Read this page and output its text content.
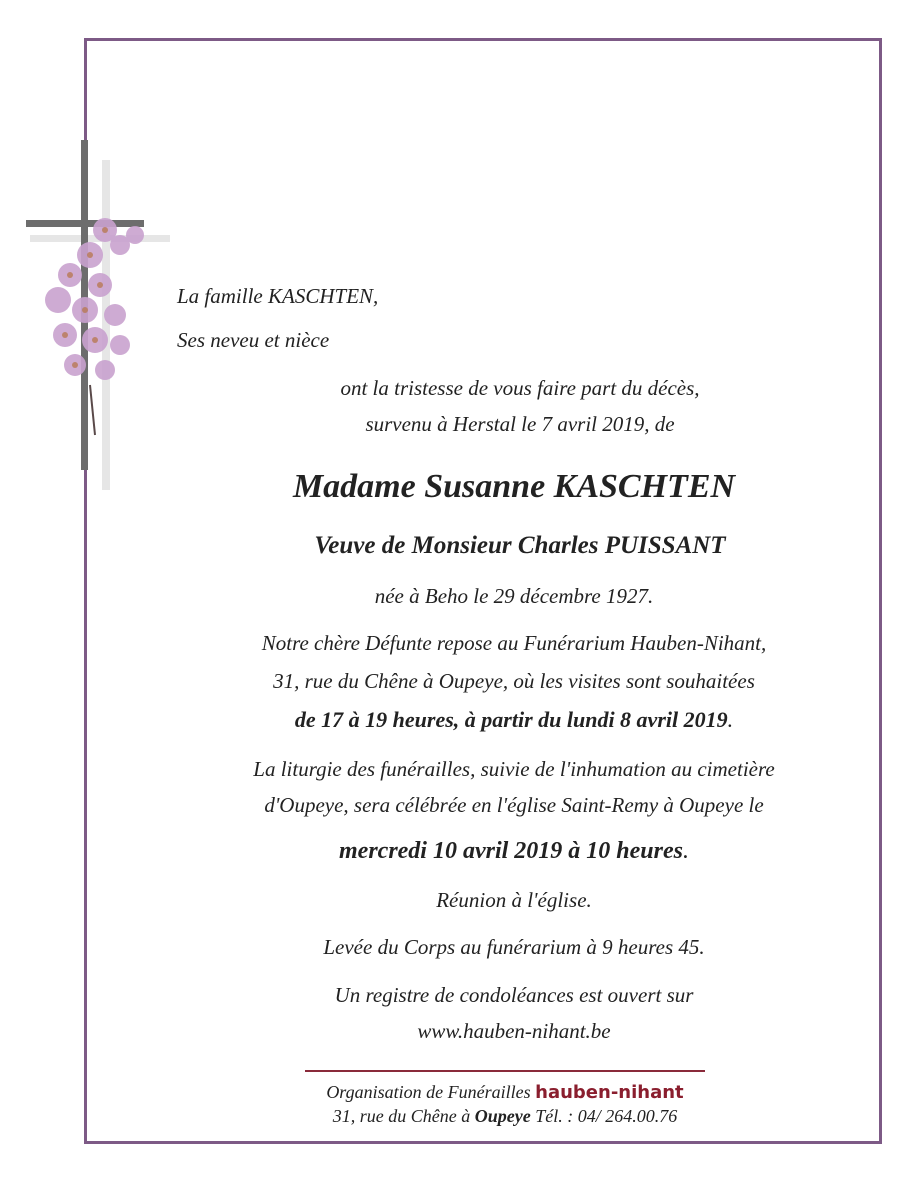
La famille KASCHTEN,
Ses neveu et nièce
ont la tristesse de vous faire part du décès,
survenu à Herstal le 7 avril 2019, de
Madame Susanne KASCHTEN
Veuve de Monsieur Charles PUISSANT
née à Beho le 29 décembre 1927.
Notre chère Défunte repose au Funérarium Hauben-Nihant,
31, rue du Chêne à Oupeye, où les visites sont souhaitées
de 17 à 19 heures, à partir du lundi 8 avril 2019.
La liturgie des funérailles, suivie de l'inhumation au cimetière
d'Oupeye, sera célébrée en l'église Saint-Remy à Oupeye le
mercredi 10 avril 2019 à 10 heures.
Réunion à l'église.
Levée du Corps au funérarium à 9 heures 45.
Un registre de condoléances est ouvert sur
www.hauben-nihant.be
Organisation de Funérailles hauben-nihant
31, rue du Chêne à Oupeye Tél. : 04/ 264.00.76
